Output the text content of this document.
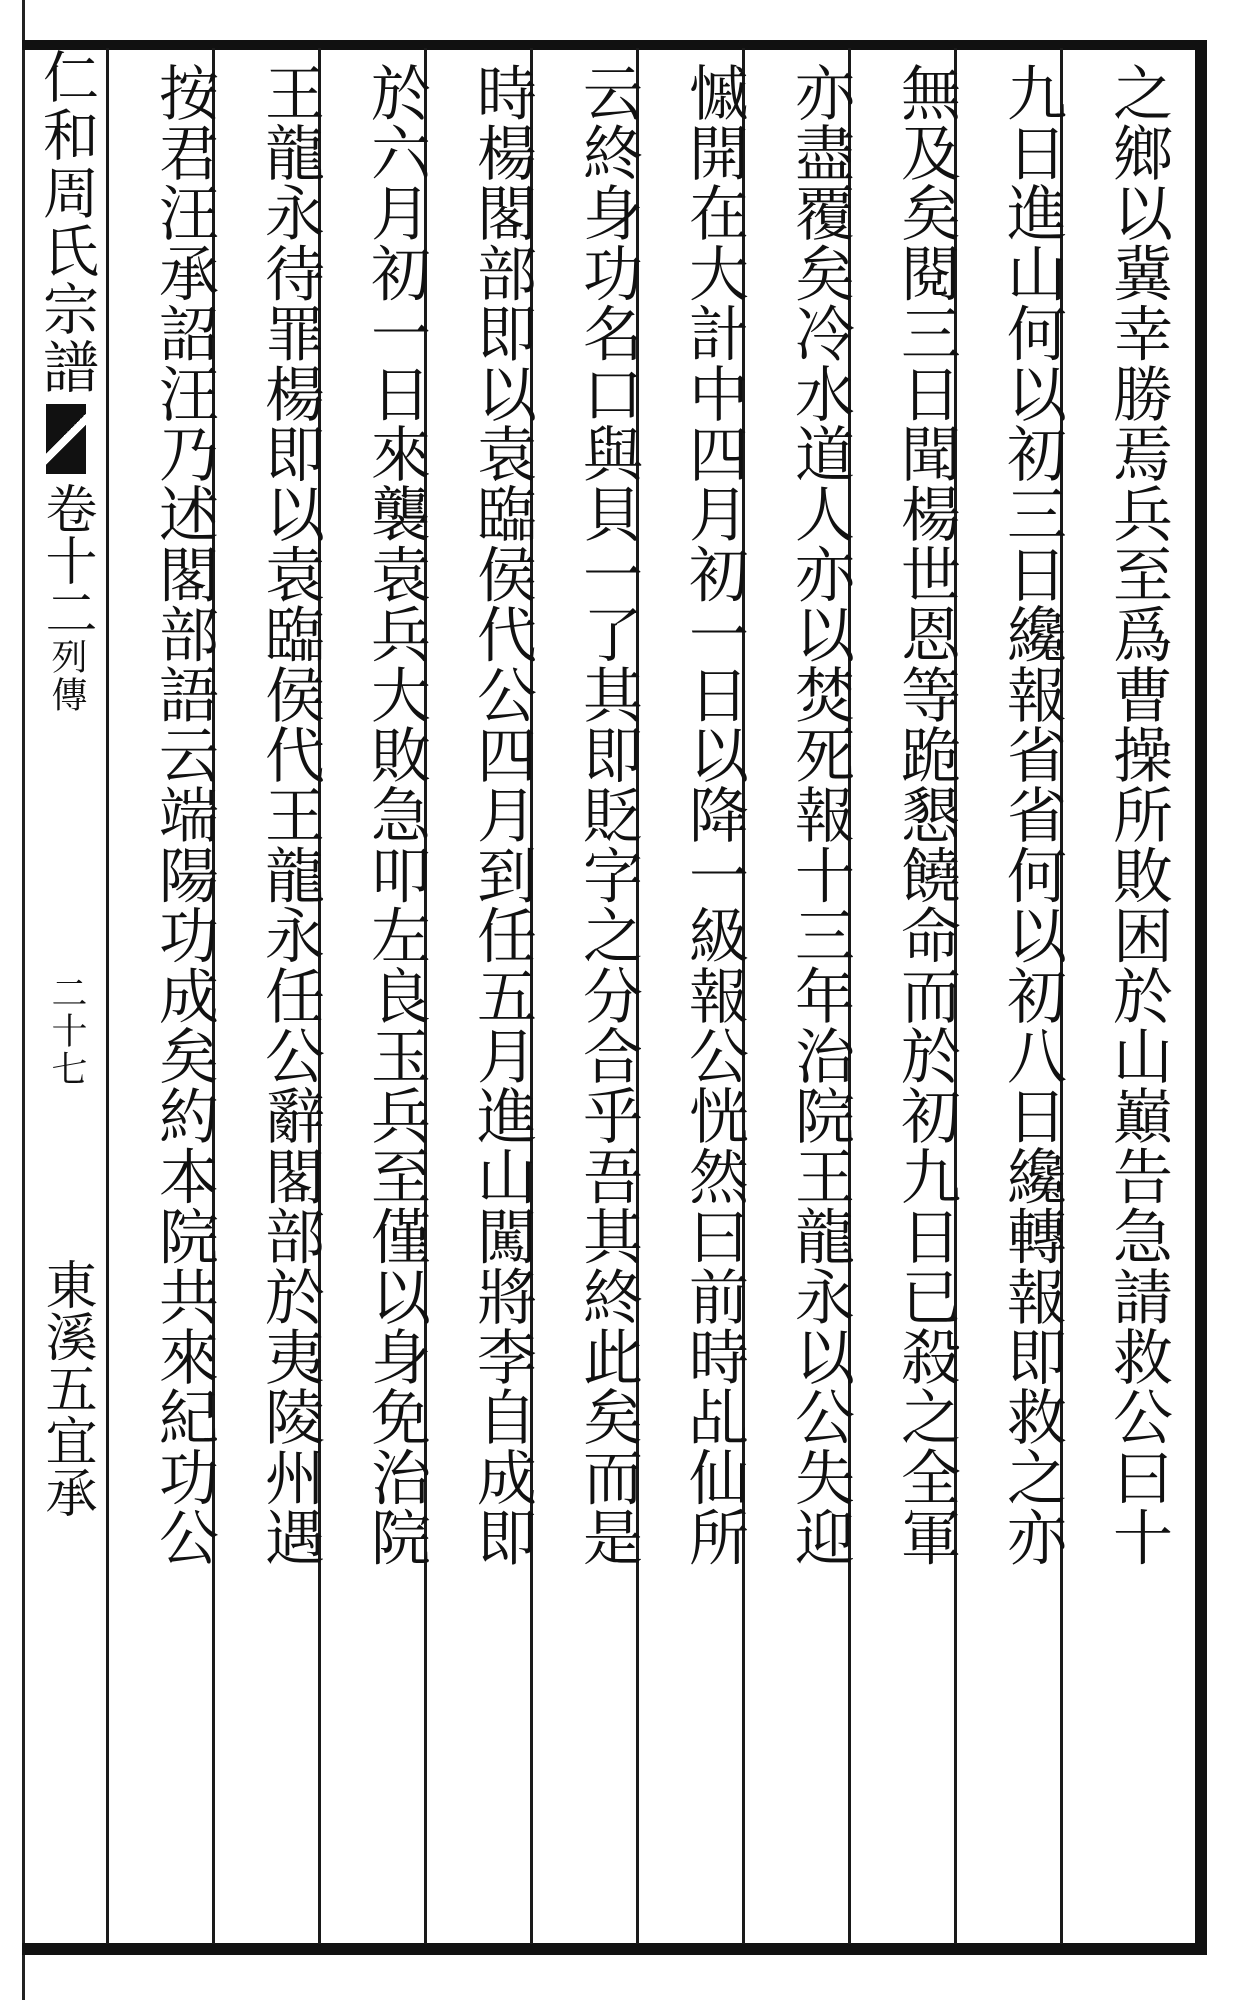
仁和周氏宗譜卷十二列傳二十七東溪五宜承	之鄉以冀幸勝焉兵至爲曹操所敗困於山巔告急請救公曰十
九日進山何以初三日纔報省省何以初八日纔轉報即救之亦
無及矣閱三日聞楊世恩等跪懇饒命而於初九日已殺之全軍
亦盡覆矣冷水道人亦以焚死報十三年治院王龍永以公失迎
慽開在大計中四月初一日以降一級報公恍然曰前時乩仙所
云終身功名口與貝一了其即貶字之分合乎吾其終此矣而是
時楊閣部即以袁臨侯代公四月到任五月進山闖將李自成即
於六月初一日來襲袁兵大敗急叩左良玉兵至僅以身免治院
王龍永待罪楊即以袁臨侯代王龍永任公辭閣部於夷陵州遇
按君汪承詔汪乃述閣部語云端陽功成矣約本院共來紀功公
